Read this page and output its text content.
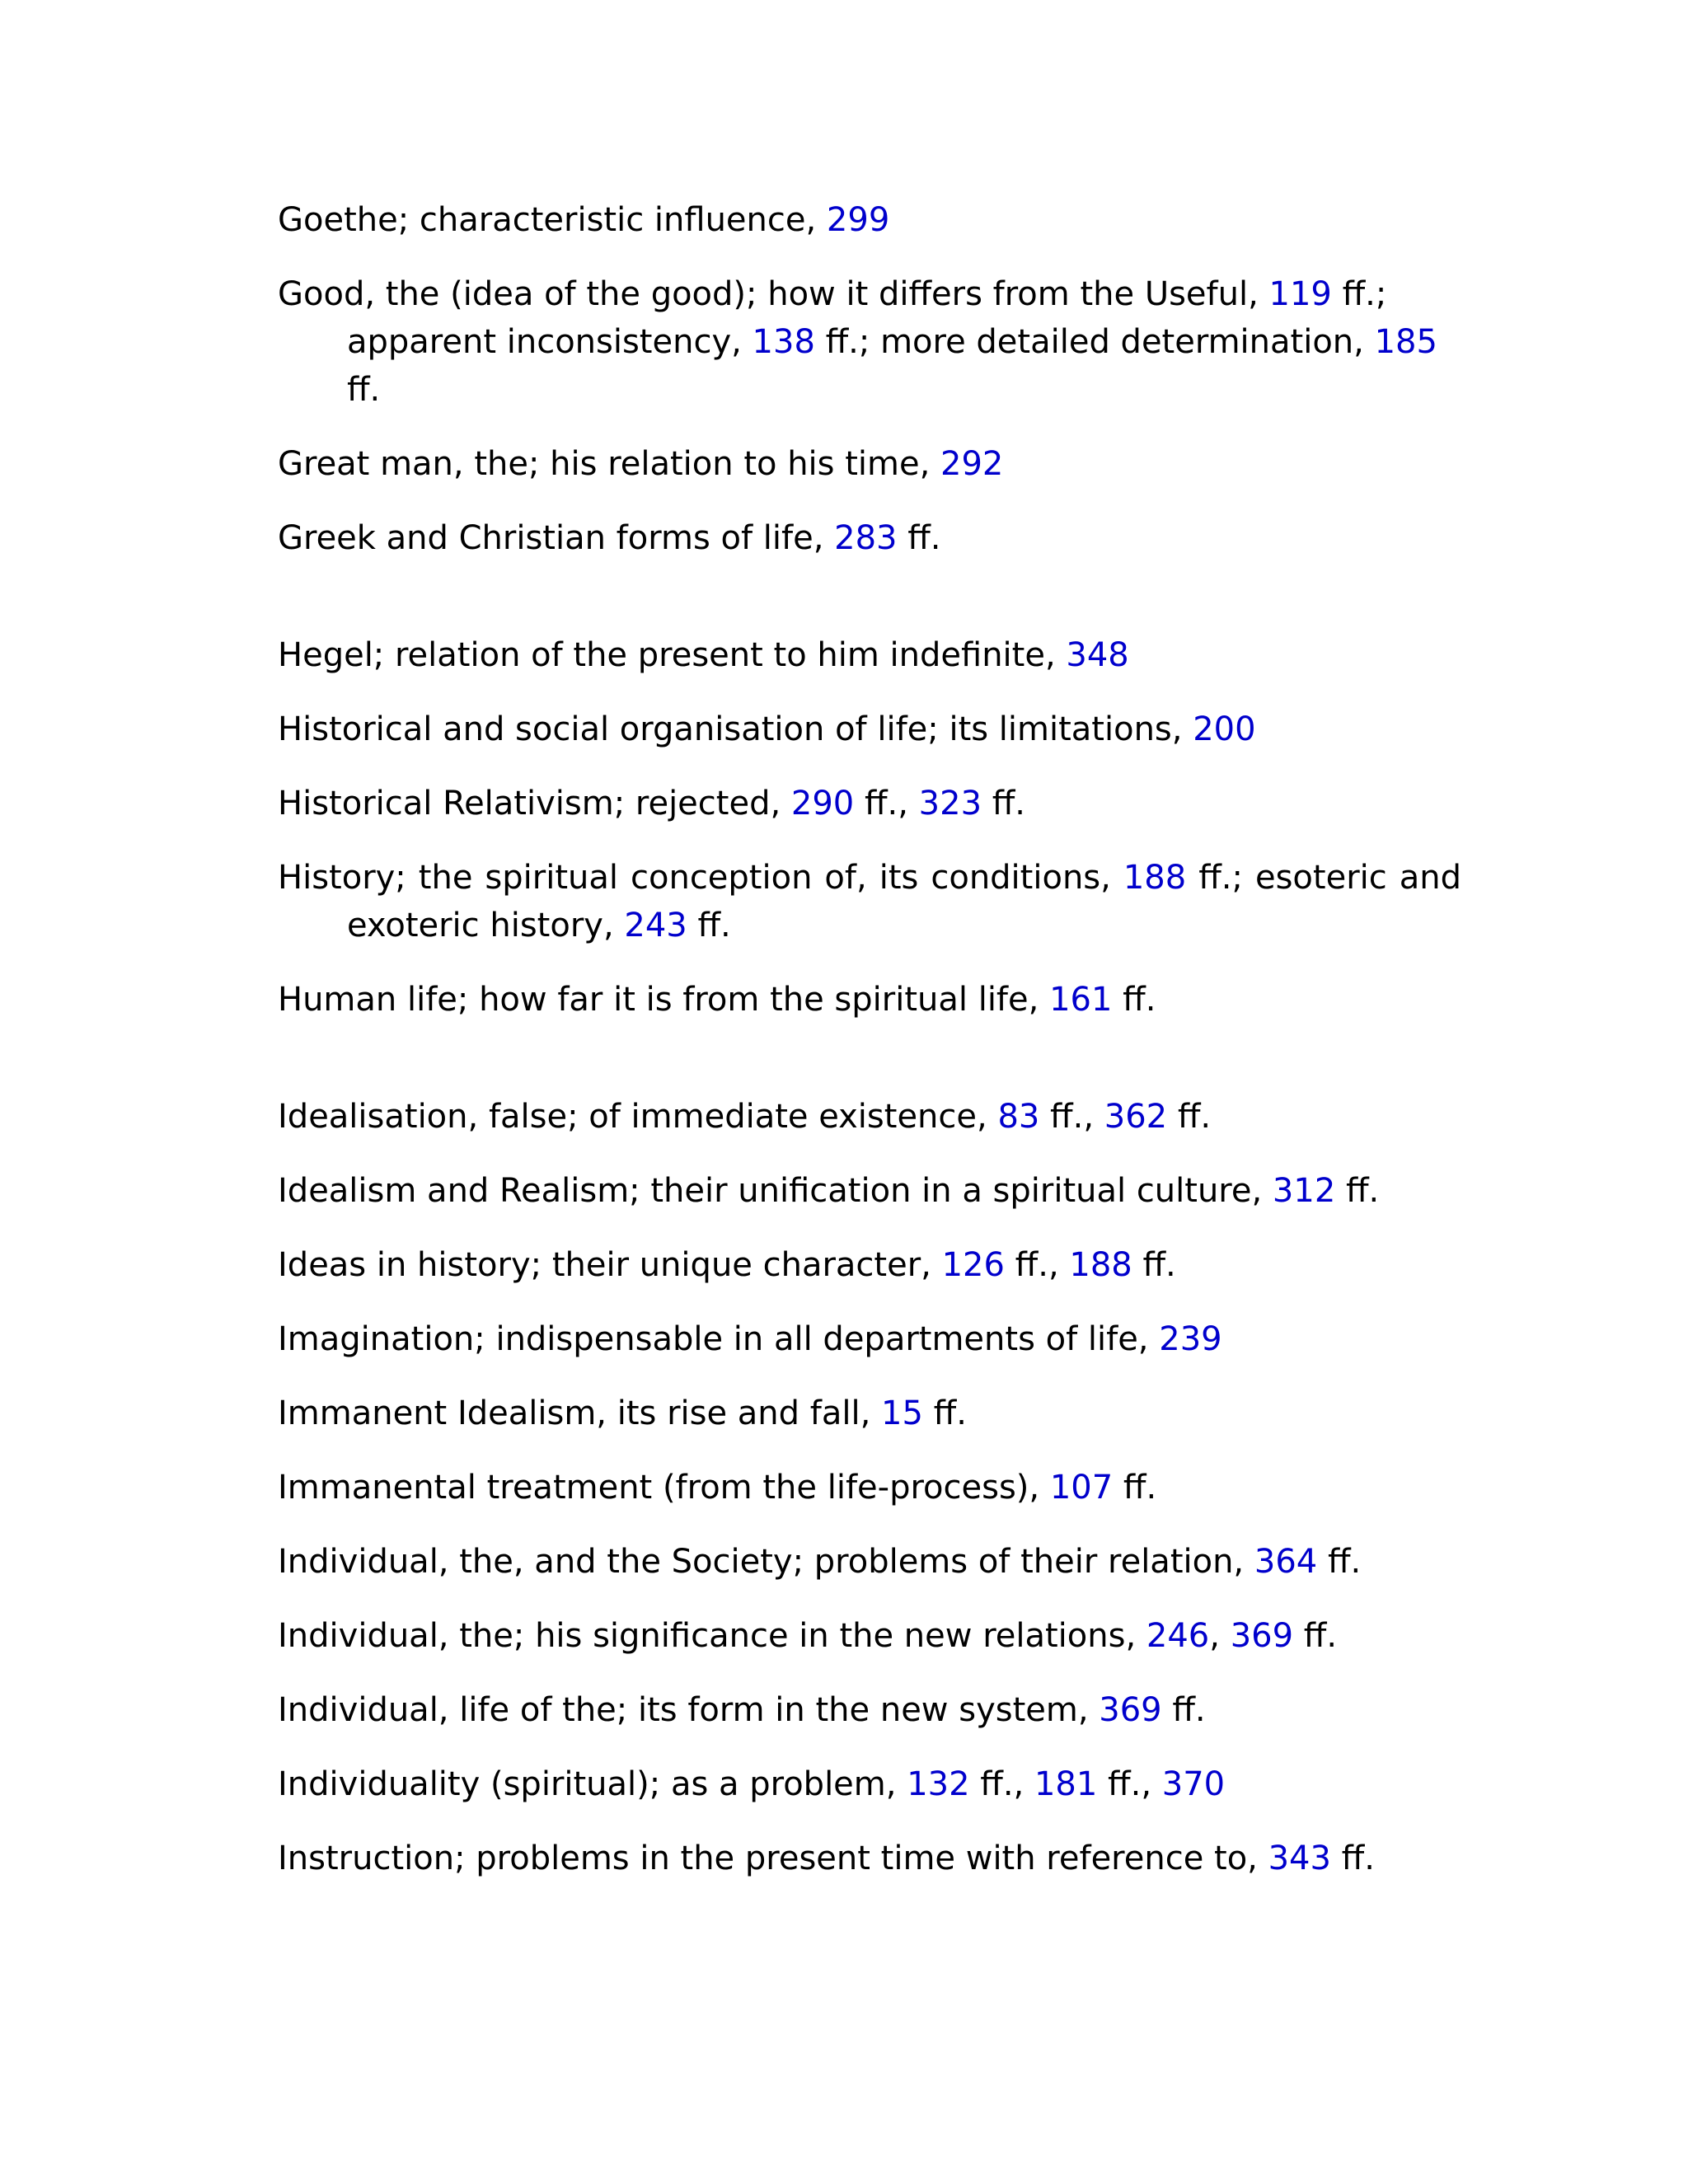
Goethe; characteristic influence, 299

Good, the (idea of the good); how it differs from the Useful, 119 ff.; apparent inconsistency, 138 ff.; more detailed determination, 185 ff.

Great man, the; his relation to his time, 292

Greek and Christian forms of life, 283 ff.

Hegel; relation of the present to him indefinite, 348

Historical and social organisation of life; its limitations, 200

Historical Relativism; rejected, 290 ff., 323 ff.

History; the spiritual conception of, its conditions, 188 ff.; esoteric and exoteric history, 243 ff.

Human life; how far it is from the spiritual life, 161 ff.

Idealisation, false; of immediate existence, 83 ff., 362 ff.

Idealism and Realism; their unification in a spiritual culture, 312 ff.

Ideas in history; their unique character, 126 ff., 188 ff.

Imagination; indispensable in all departments of life, 239

Immanent Idealism, its rise and fall, 15 ff.

Immanental treatment (from the life-process), 107 ff.

Individual, the, and the Society; problems of their relation, 364 ff.

Individual, the; his significance in the new relations, 246, 369 ff.

Individual, life of the; its form in the new system, 369 ff.

Individuality (spiritual); as a problem, 132 ff., 181 ff., 370

Instruction; problems in the present time with reference to, 343 ff.
